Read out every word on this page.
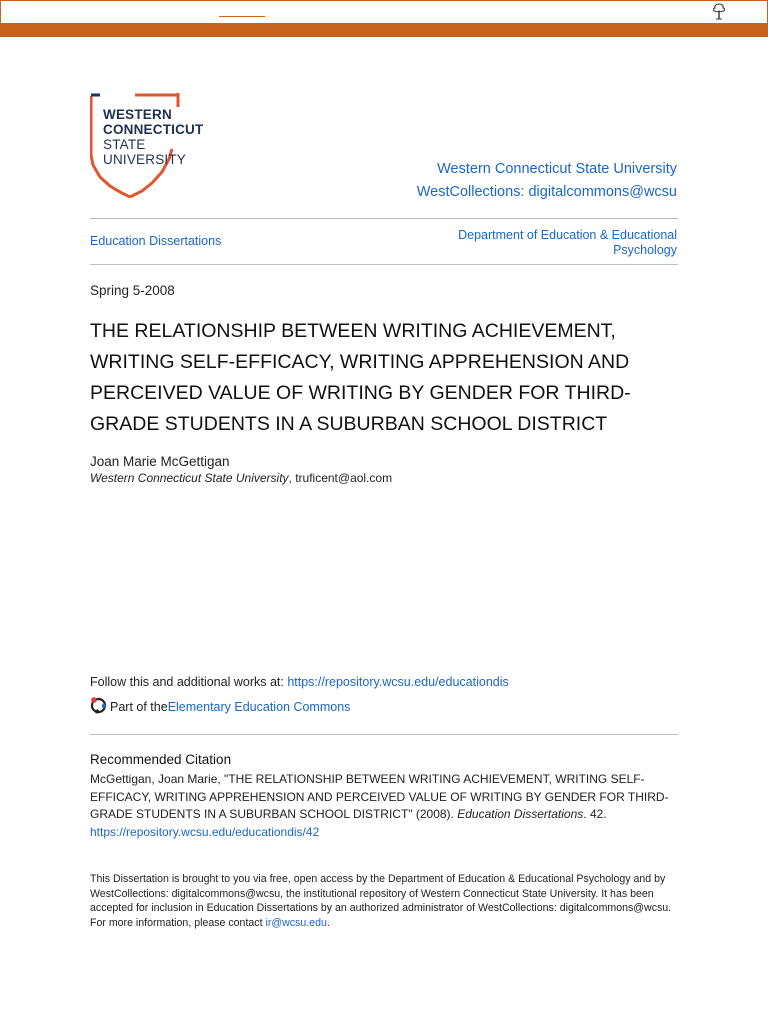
WESTERN
CONNECTICUT
STATE
UNIVERSITY
Western Connecticut State University
WestCollections: digitalcommons@wcsu
Education Dissertations	Department of Education & Educational Psychology
Spring 5-2008
THE RELATIONSHIP BETWEEN WRITING ACHIEVEMENT, WRITING SELF-EFFICACY, WRITING APPREHENSION AND PERCEIVED VALUE OF WRITING BY GENDER FOR THIRD-GRADE STUDENTS IN A SUBURBAN SCHOOL DISTRICT
Joan Marie McGettigan
Western Connecticut State University, truficent@aol.com
Follow this and additional works at: https://repository.wcsu.edu/educationdis
Part of the Elementary Education Commons
Recommended Citation
McGettigan, Joan Marie, "THE RELATIONSHIP BETWEEN WRITING ACHIEVEMENT, WRITING SELF-EFFICACY, WRITING APPREHENSION AND PERCEIVED VALUE OF WRITING BY GENDER FOR THIRD-GRADE STUDENTS IN A SUBURBAN SCHOOL DISTRICT" (2008). Education Dissertations. 42.
https://repository.wcsu.edu/educationdis/42
This Dissertation is brought to you via free, open access by the Department of Education & Educational Psychology and by WestCollections: digitalcommons@wcsu, the institutional repository of Western Connecticut State University. It has been accepted for inclusion in Education Dissertations by an authorized administrator of WestCollections: digitalcommons@wcsu. For more information, please contact ir@wcsu.edu.
